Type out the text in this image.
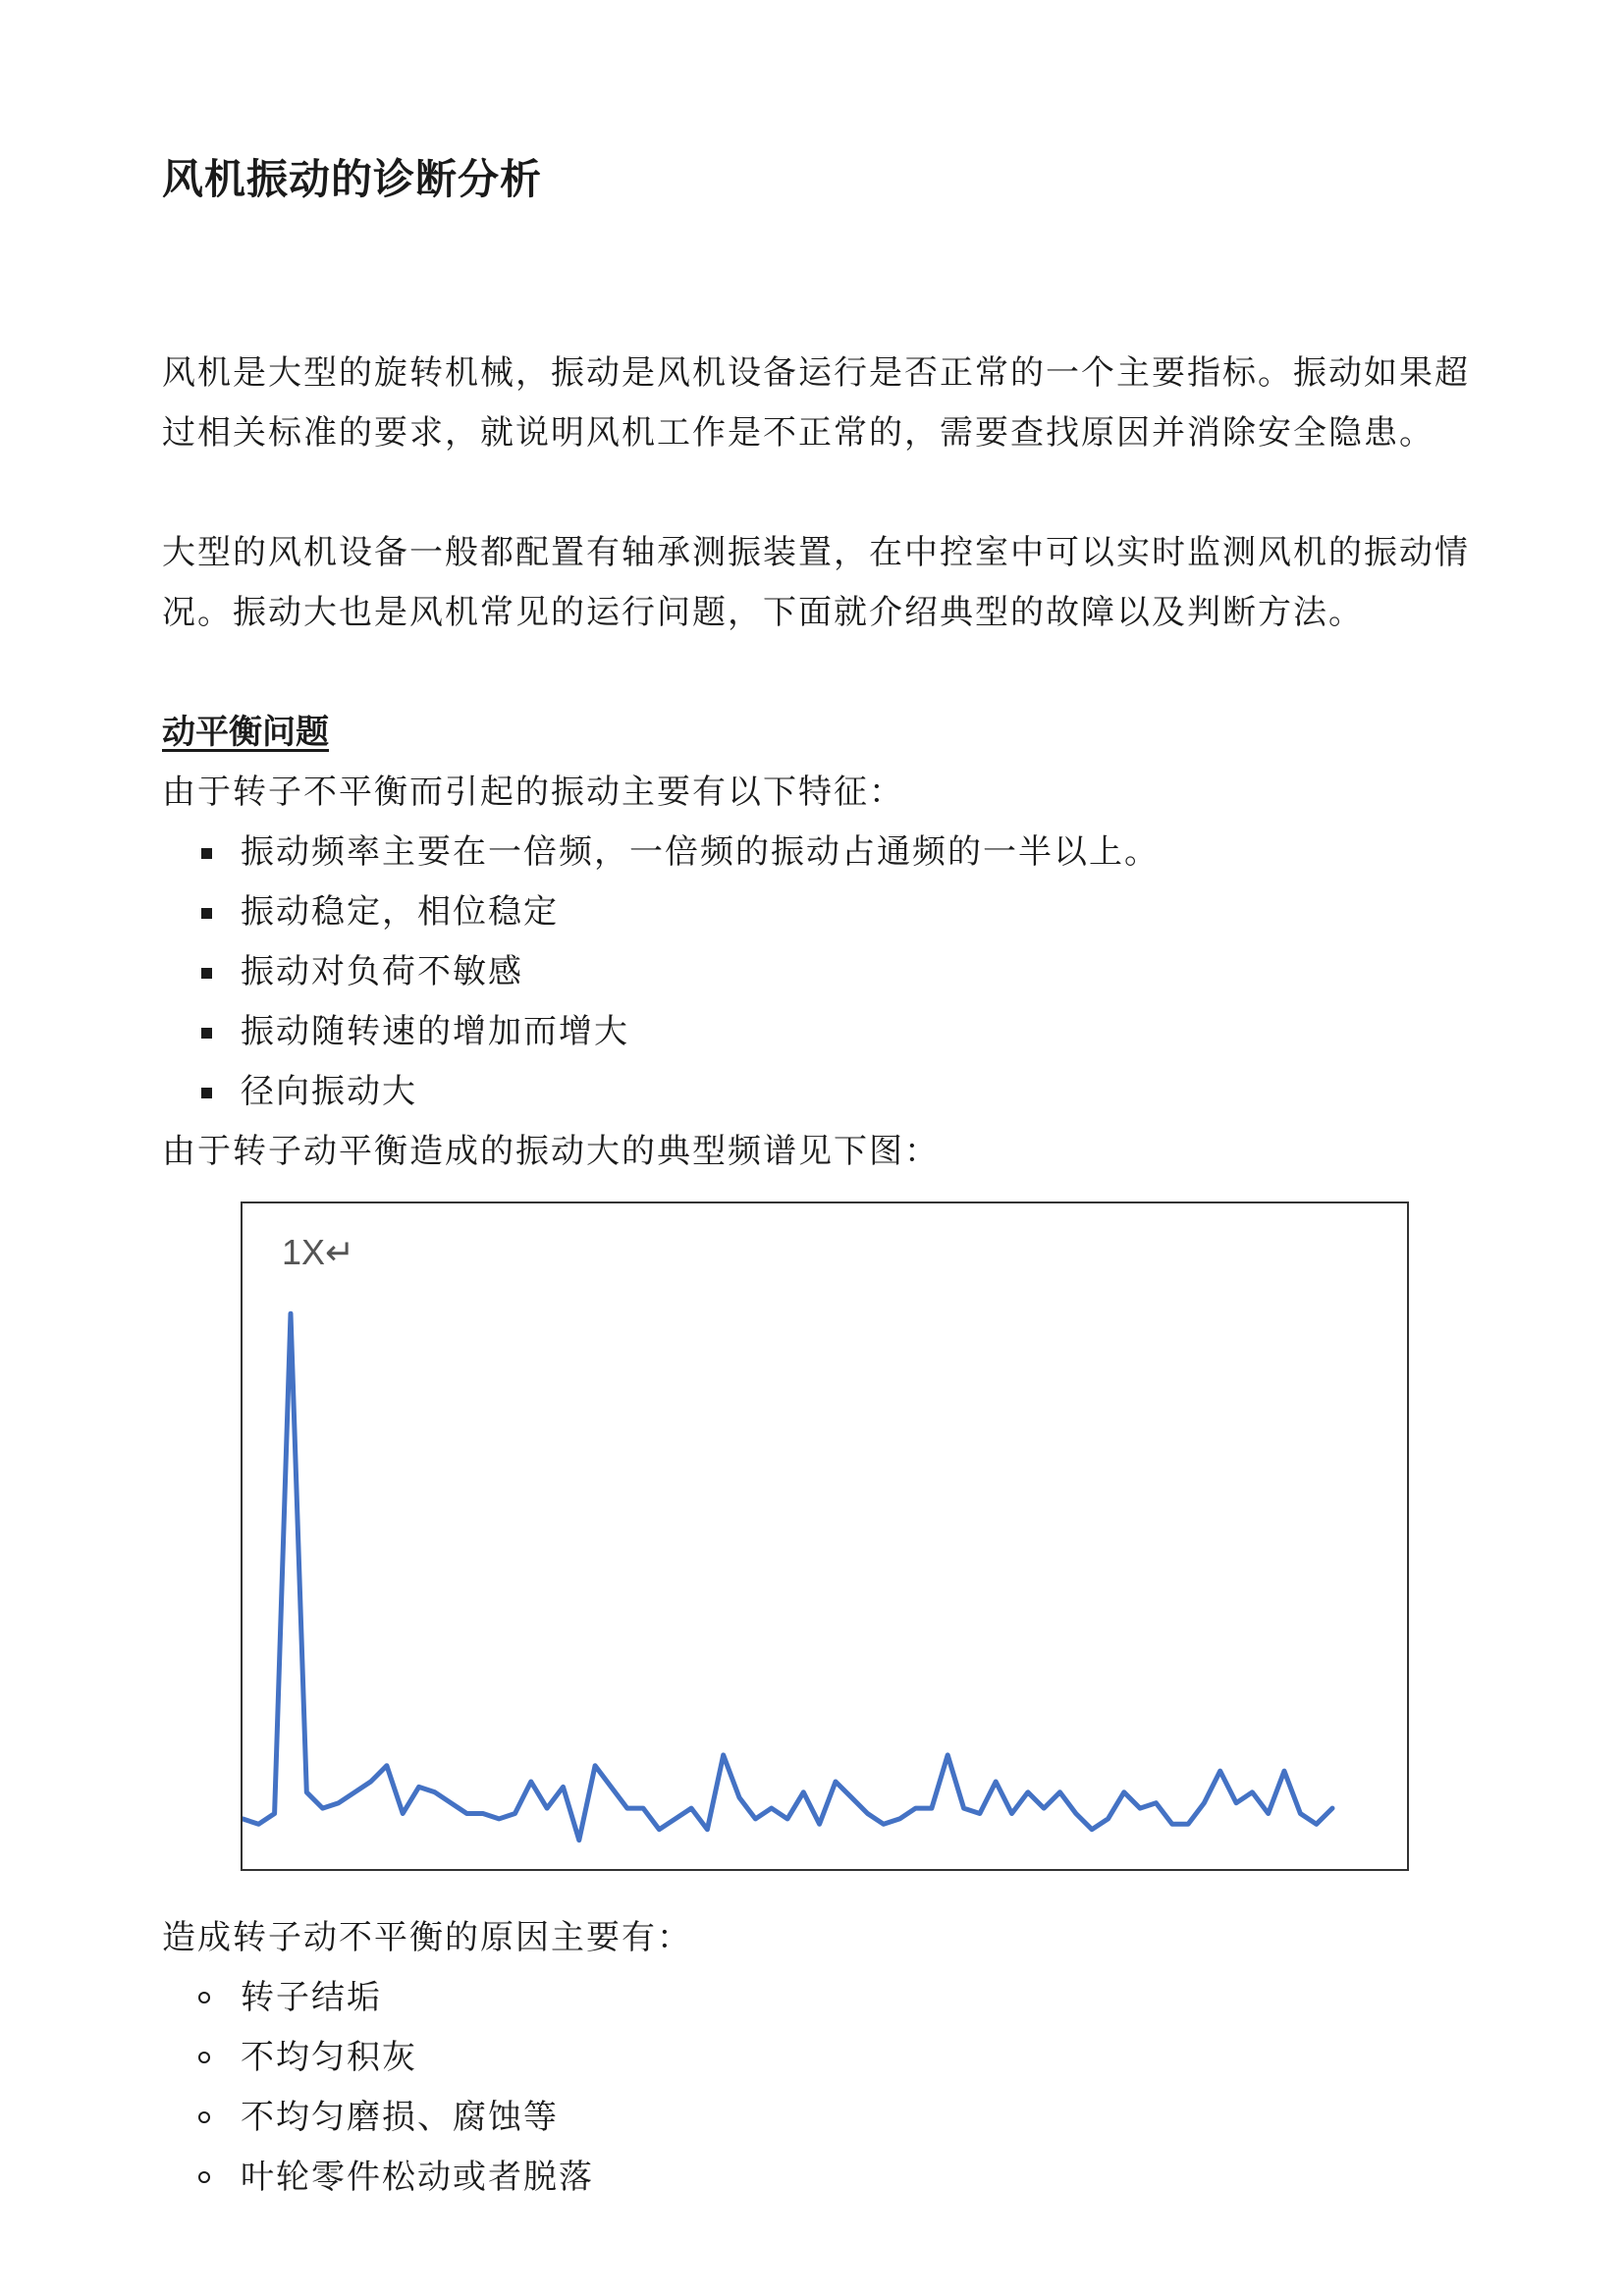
风机振动的诊断分析

风机是大型的旋转机械，振动是风机设备运行是否正常的一个主要指标。振动如果超过相关标准的要求，就说明风机工作是不正常的，需要查找原因并消除安全隐患。

大型的风机设备一般都配置有轴承测振装置，在中控室中可以实时监测风机的振动情况。振动大也是风机常见的运行问题，下面就介绍典型的故障以及判断方法。

动平衡问题

由于转子不平衡而引起的振动主要有以下特征：

振动频率主要在一倍频，一倍频的振动占通频的一半以上。
振动稳定，相位稳定
振动对负荷不敏感
振动随转速的增加而增大
径向振动大

由于转子动平衡造成的振动大的典型频谱见下图：

1X↵

造成转子动不平衡的原因主要有：

转子结垢
不均匀积灰
不均匀磨损、腐蚀等
叶轮零件松动或者脱落
